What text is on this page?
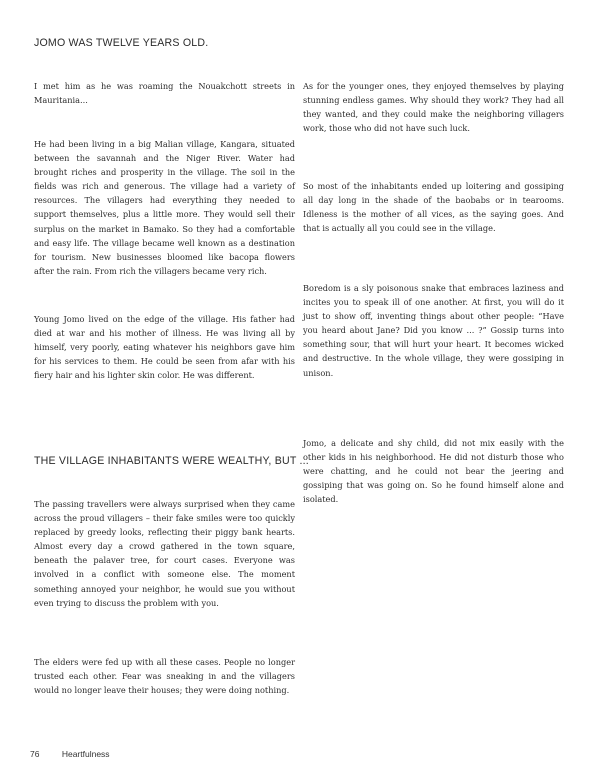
JOMO WAS TWELVE YEARS OLD.

I met him as he was roaming the Nouakchott streets in Mauritania...

He had been living in a big Malian village, Kangara, situated between the savannah and the Niger River. Water had brought riches and prosperity in the village. The soil in the fields was rich and generous. The village had a variety of resources. The villagers had everything they needed to support themselves, plus a little more. They would sell their surplus on the market in Bamako. So they had a comfortable and easy life. The village became well known as a destination for tourism. New businesses bloomed like bacopa flowers after the rain. From rich the villagers became very rich.

Young Jomo lived on the edge of the village. His father had died at war and his mother of illness. He was living all by himself, very poorly, eating whatever his neighbors gave him for his services to them. He could be seen from afar with his fiery hair and his lighter skin color. He was different.

THE VILLAGE INHABITANTS WERE WEALTHY, BUT ...

The passing travellers were always surprised when they came across the proud villagers – their fake smiles were too quickly replaced by greedy looks, reflecting their piggy bank hearts. Almost every day a crowd gathered in the town square, beneath the palaver tree, for court cases. Everyone was involved in a conflict with someone else. The moment something annoyed your neighbor, he would sue you without even trying to discuss the problem with you.

The elders were fed up with all these cases. People no longer trusted each other. Fear was sneaking in and the villagers would no longer leave their houses; they were doing nothing.

As for the younger ones, they enjoyed themselves by playing stunning endless games. Why should they work? They had all they wanted, and they could make the neighboring villagers work, those who did not have such luck.

So most of the inhabitants ended up loitering and gossiping all day long in the shade of the baobabs or in tearooms. Idleness is the mother of all vices, as the saying goes. And that is actually all you could see in the village.

Boredom is a sly poisonous snake that embraces laziness and incites you to speak ill of one another. At first, you will do it just to show off, inventing things about other people: “Have you heard about Jane? Did you know ... ?” Gossip turns into something sour, that will hurt your heart. It becomes wicked and destructive. In the whole village, they were gossiping in unison.

Jomo, a delicate and shy child, did not mix easily with the other kids in his neighborhood. He did not disturb those who were chatting, and he could not bear the jeering and gossiping that was going on. So he found himself alone and isolated.

76	Heartfulness
